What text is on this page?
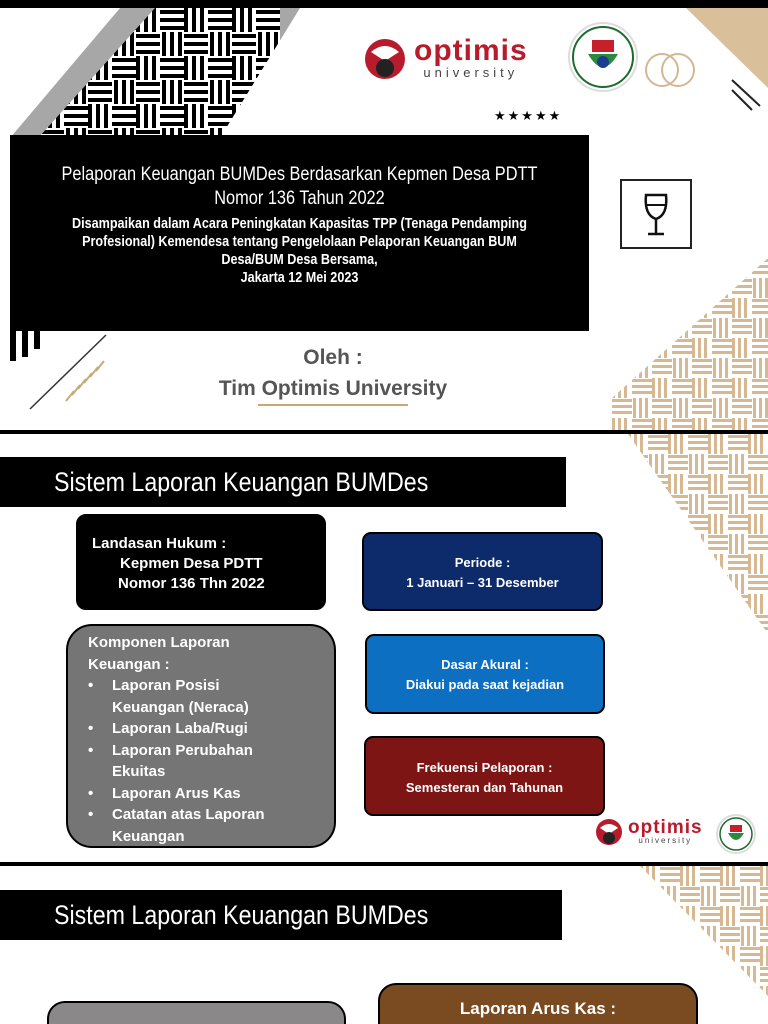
optimis
university
★★★★★
Pelaporan Keuangan BUMDes Berdasarkan Kepmen Desa PDTT
Nomor 136 Tahun 2022
Disampaikan dalam Acara Peningkatan Kapasitas TPP (Tenaga Pendamping
Profesional) Kemendesa tentang Pengelolaan Pelaporan Keuangan BUM
Desa/BUM Desa Bersama,
Jakarta 12 Mei 2023
Oleh :
Tim Optimis University
Sistem Laporan Keuangan BUMDes
Landasan Hukum :
Kepmen Desa PDTT
Nomor 136 Thn 2022
Periode :
1 Januari – 31 Desember
Komponen Laporan
Keuangan :
• Laporan Posisi
Keuangan (Neraca)
• Laporan Laba/Rugi
• Laporan Perubahan
Ekuitas
• Laporan Arus Kas
• Catatan atas Laporan
Keuangan
Dasar Akural :
Diakui pada saat kejadian
Frekuensi Pelaporan :
Semesteran dan Tahunan
optimis
university
Sistem Laporan Keuangan BUMDes
Laporan Arus Kas :
